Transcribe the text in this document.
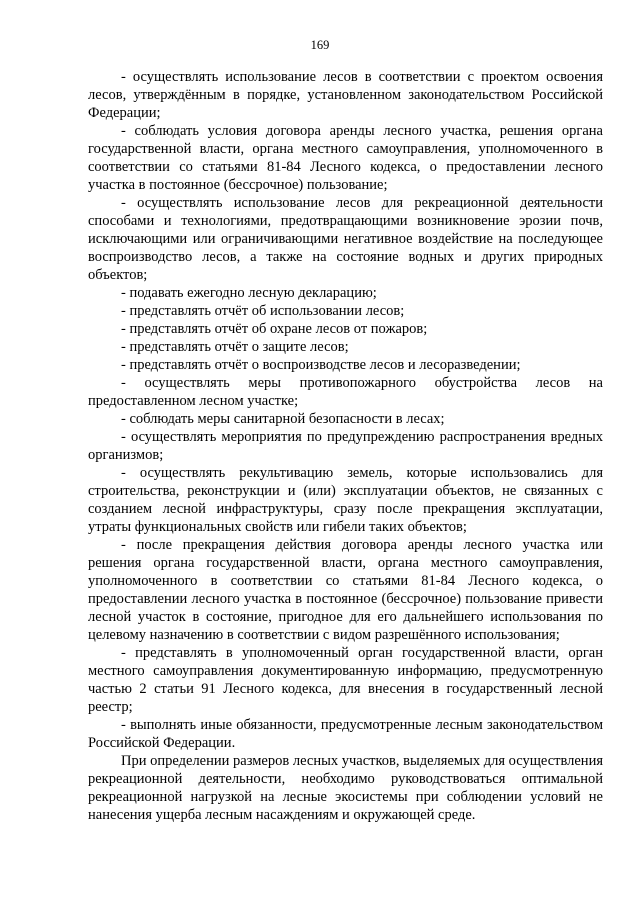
169

- осуществлять использование лесов в соответствии с проектом освоения лесов, утверждённым в порядке, установленном законодательством Российской Федерации;

- соблюдать условия договора аренды лесного участка, решения органа государственной власти, органа местного самоуправления, уполномоченного в соответствии со статьями 81-84 Лесного кодекса, о предоставлении лесного участка в постоянное (бессрочное) пользование;

- осуществлять использование лесов для рекреационной деятельности способами и технологиями, предотвращающими возникновение эрозии почв, исключающими или ограничивающими негативное воздействие на последующее воспроизводство лесов, а также на состояние водных и других природных объектов;

- подавать ежегодно лесную декларацию;

- представлять отчёт об использовании лесов;

- представлять отчёт об охране лесов от пожаров;

- представлять отчёт о защите лесов;

- представлять отчёт о воспроизводстве лесов и лесоразведении;

- осуществлять меры противопожарного обустройства лесов на предоставленном лесном участке;

- соблюдать меры санитарной безопасности в лесах;

- осуществлять мероприятия по предупреждению распространения вредных организмов;

- осуществлять рекультивацию земель, которые использовались для строительства, реконструкции и (или) эксплуатации объектов, не связанных с созданием лесной инфраструктуры, сразу после прекращения эксплуатации, утраты функциональных свойств или гибели таких объектов;

- после прекращения действия договора аренды лесного участка или решения органа государственной власти, органа местного самоуправления, уполномоченного в соответствии со статьями 81-84 Лесного кодекса, о предоставлении лесного участка в постоянное (бессрочное) пользование привести лесной участок в состояние, пригодное для его дальнейшего использования по целевому назначению в соответствии с видом разрешённого использования;

- представлять в уполномоченный орган государственной власти, орган местного самоуправления документированную информацию, предусмотренную частью 2 статьи 91 Лесного кодекса, для внесения в государственный лесной реестр;

- выполнять иные обязанности, предусмотренные лесным законодательством Российской Федерации.

При определении размеров лесных участков, выделяемых для осуществления рекреационной деятельности, необходимо руководствоваться оптимальной рекреационной нагрузкой на лесные экосистемы при соблюдении условий не нанесения ущерба лесным насаждениям и окружающей среде.
